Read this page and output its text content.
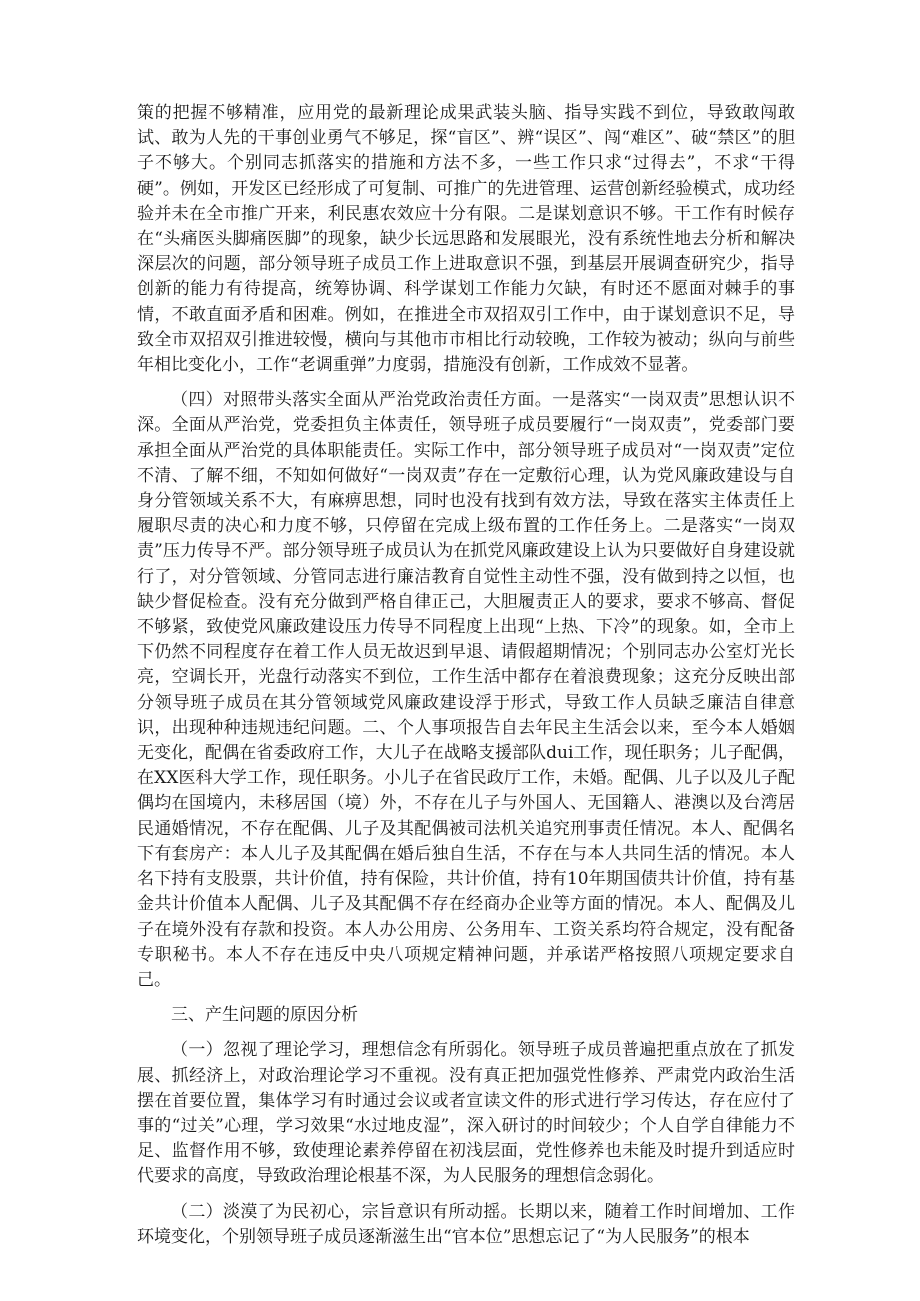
策的把握不够精准，应用党的最新理论成果武装头脑、指导实践不到位，导致敢闯敢试、敢为人先的干事创业勇气不够足，探“盲区”、辨“误区”、闯“难区”、破“禁区”的胆子不够大。个别同志抓落实的措施和方法不多，一些工作只求“过得去”，不求“干得硬”。例如，开发区已经形成了可复制、可推广的先进管理、运营创新经验模式，成功经验并未在全市推广开来，利民惠农效应十分有限。二是谋划意识不够。干工作有时候存在“头痛医头脚痛医脚”的现象，缺少长远思路和发展眼光，没有系统性地去分析和解决深层次的问题，部分领导班子成员工作上进取意识不强，到基层开展调查研究少，指导创新的能力有待提高，统筹协调、科学谋划工作能力欠缺，有时还不愿面对棘手的事情，不敢直面矛盾和困难。例如，在推进全市双招双引工作中，由于谋划意识不足，导致全市双招双引推进较慢，横向与其他市市相比行动较晚，工作较为被动；纵向与前些年相比变化小，工作“老调重弹”力度弱，措施没有创新，工作成效不显著。

（四）对照带头落实全面从严治党政治责任方面。一是落实“一岗双责”思想认识不深。全面从严治党，党委担负主体责任，领导班子成员要履行“一岗双责”，党委部门要承担全面从严治党的具体职能责任。实际工作中，部分领导班子成员对“一岗双责”定位不清、了解不细，不知如何做好“一岗双责”存在一定敷衍心理，认为党风廉政建设与自身分管领域关系不大，有麻痹思想，同时也没有找到有效方法，导致在落实主体责任上履职尽责的决心和力度不够，只停留在完成上级布置的工作任务上。二是落实“一岗双责”压力传导不严。部分领导班子成员认为在抓党风廉政建设上认为只要做好自身建设就行了，对分管领域、分管同志进行廉洁教育自觉性主动性不强，没有做到持之以恒，也缺少督促检查。没有充分做到严格自律正己，大胆履责正人的要求，要求不够高、督促不够紧，致使党风廉政建设压力传导不同程度上出现“上热、下冷”的现象。如，全市上下仍然不同程度存在着工作人员无故迟到早退、请假超期情况；个别同志办公室灯光长亮，空调长开，光盘行动落实不到位，工作生活中都存在着浪费现象；这充分反映出部分领导班子成员在其分管领域党风廉政建设浮于形式，导致工作人员缺乏廉洁自律意识，出现种种违规违纪问题。二、个人事项报告自去年民主生活会以来，至今本人婚姻无变化，配偶在省委政府工作，大儿子在战略支援部队dui工作，现任职务；儿子配偶，在XX医科大学工作，现任职务。小儿子在省民政厅工作，未婚。配偶、儿子以及儿子配偶均在国境内，未移居国（境）外，不存在儿子与外国人、无国籍人、港澳以及台湾居民通婚情况，不存在配偶、儿子及其配偶被司法机关追究刑事责任情况。本人、配偶名下有套房产：本人儿子及其配偶在婚后独自生活，不存在与本人共同生活的情况。本人名下持有支股票，共计价值，持有保险，共计价值，持有10年期国债共计价值，持有基金共计价值本人配偶、儿子及其配偶不存在经商办企业等方面的情况。本人、配偶及儿子在境外没有存款和投资。本人办公用房、公务用车、工资关系均符合规定，没有配备专职秘书。本人不存在违反中央八项规定精神问题，并承诺严格按照八项规定要求自己。

三、产生问题的原因分析

（一）忽视了理论学习，理想信念有所弱化。领导班子成员普遍把重点放在了抓发展、抓经济上，对政治理论学习不重视。没有真正把加强党性修养、严肃党内政治生活摆在首要位置，集体学习有时通过会议或者宣读文件的形式进行学习传达，存在应付了事的“过关”心理，学习效果“水过地皮湿”，深入研讨的时间较少；个人自学自律能力不足、监督作用不够，致使理论素养停留在初浅层面，党性修养也未能及时提升到适应时代要求的高度，导致政治理论根基不深，为人民服务的理想信念弱化。

（二）淡漠了为民初心，宗旨意识有所动摇。长期以来，随着工作时间增加、工作环境变化，个别领导班子成员逐渐滋生出“官本位”思想忘记了“为人民服务”的根本
